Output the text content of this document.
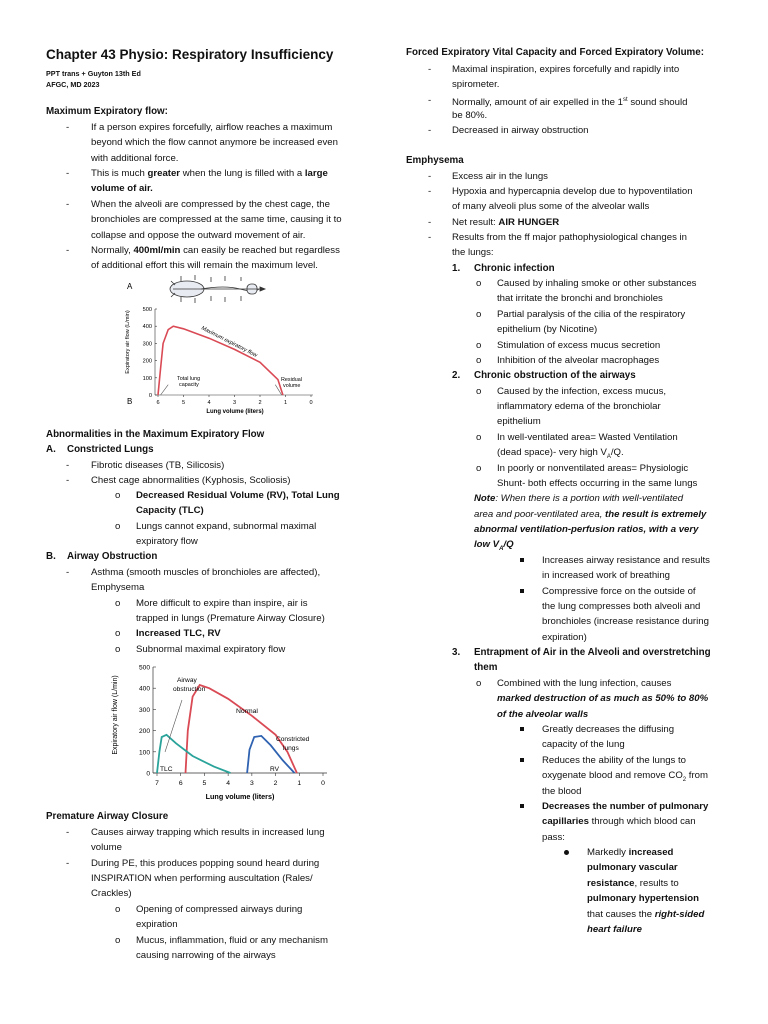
Chapter 43 Physio: Respiratory Insufficiency
PPT trans + Guyton 13th Ed
AFGC, MD 2023
Maximum Expiratory flow:
- If a person expires forcefully, airflow reaches a maximum
beyond which the flow cannot anymore be increased even
with additional force.
- This is much greater when the lung is filled with a large
volume of air.
- When the alveoli are compressed by the chest cage, the
bronchioles are compressed at the same time, causing it to
collapse and oppose the outward movement of air.
- Normally, 400ml/min can easily be reached but regardless
of additional effort this will remain the maximum level.
A
B
Expiratory air flow (L/min)
500
400
300
200
100
0
6	5	4	3	2	1	0
Maximum expiratory flow
Total lung
capacity
Residual
volume
Lung volume (liters)
Abnormalities in the Maximum Expiratory Flow
A. Constricted Lungs
- Fibrotic diseases (TB, Silicosis)
- Chest cage abnormalities (Kyphosis, Scoliosis)
o Decreased Residual Volume (RV), Total Lung
Capacity (TLC)
o Lungs cannot expand, subnormal maximal
expiratory flow
B. Airway Obstruction
- Asthma (smooth muscles of bronchioles are affected),
Emphysema
o More difficult to expire than inspire, air is
trapped in lungs (Premature Airway Closure)
o Increased TLC, RV
o Subnormal maximal expiratory flow
Expiratory air flow (L/min)
500
400
300
200
100
0
7	6	5	4	3	2	1	0
Airway
obstruction
Normal
Constricted
lungs
TLC	RV
Lung volume (liters)
Premature Airway Closure
- Causes airway trapping which results in increased lung
volume
- During PE, this produces popping sound heard during
INSPIRATION when performing auscultation (Rales/
Crackles)
o Opening of compressed airways during
expiration
o Mucus, inflammation, fluid or any mechanism
causing narrowing of the airways
Forced Expiratory Vital Capacity and Forced Expiratory Volume:
- Maximal inspiration, expires forcefully and rapidly into
spirometer.
- Normally, amount of air expelled in the 1st sound should
be 80%.
- Decreased in airway obstruction
Emphysema
- Excess air in the lungs
- Hypoxia and hypercapnia develop due to hypoventilation
of many alveoli plus some of the alveolar walls
- Net result: AIR HUNGER
- Results from the ff major pathophysiological changes in
the lungs:
1. Chronic infection
o Caused by inhaling smoke or other substances
that irritate the bronchi and bronchioles
o Partial paralysis of the cilia of the respiratory
epithelium (by Nicotine)
o Stimulation of excess mucus secretion
o Inhibition of the alveolar macrophages
2. Chronic obstruction of the airways
o Caused by the infection, excess mucus,
inflammatory edema of the bronchiolar
epithelium
o In well-ventilated area= Wasted Ventilation
(dead space)- very high $V_A/Q$.
o In poorly or nonventilated areas= Physiologic
Shunt- both effects occurring in the same lungs
Note: When there is a portion with well-ventilated
area and poor-ventilated area, the result is extremely
abnormal ventilation-perfusion ratios, with a very
low $V_A/Q$
Increases airway resistance and results
in increased work of breathing
Compressive force on the outside of
the lung compresses both alveoli and
bronchioles (increase resistance during
expiration)
3. Entrapment of Air in the Alveoli and overstretching
them
o Combined with the lung infection, causes
marked destruction of as much as 50% to 80%
of the alveolar walls
Greatly decreases the diffusing
capacity of the lung
Reduces the ability of the lungs to
oxygenate blood and remove $CO_2$ from
the blood
Decreases the number of pulmonary
capillaries through which blood can
pass:
Markedly increased
pulmonary vascular
resistance, results to
pulmonary hypertension
that causes the right-sided
heart failure
